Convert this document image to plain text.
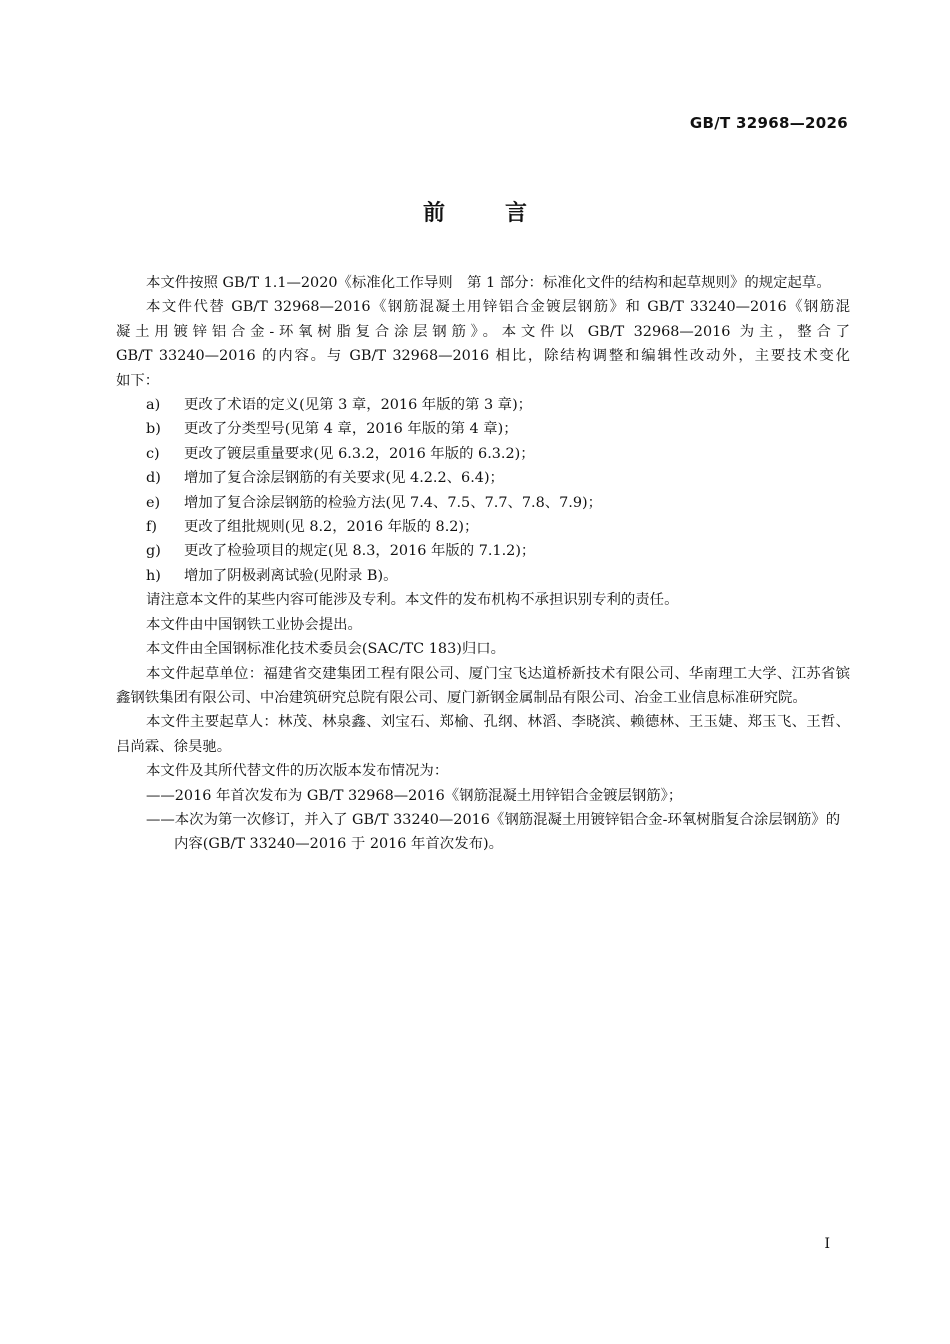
GB/T 32968—2026
前	言

本文件按照 GB/T 1.1—2020《标准化工作导则　第 1 部分：标准化文件的结构和起草规则》的规定起草。

本文件代替 GB/T 32968—2016《钢筋混凝土用锌铝合金镀层钢筋》和 GB/T 33240—2016《钢筋混

凝土用镀锌铝合金-环氧树脂复合涂层钢筋》。本文件以 GB/T 32968—2016 为主，整合了

GB/T 33240—2016 的内容。与 GB/T 32968—2016 相比，除结构调整和编辑性改动外，主要技术变化

如下：

a)	更改了术语的定义(见第 3 章，2016 年版的第 3 章)；
b)	更改了分类型号(见第 4 章，2016 年版的第 4 章)；
c)	更改了镀层重量要求(见 6.3.2，2016 年版的 6.3.2)；
d)	增加了复合涂层钢筋的有关要求(见 4.2.2、6.4)；
e)	增加了复合涂层钢筋的检验方法(见 7.4、7.5、7.7、7.8、7.9)；
f)	更改了组批规则(见 8.2，2016 年版的 8.2)；
g)	更改了检验项目的规定(见 8.3，2016 年版的 7.1.2)；
h)	增加了阴极剥离试验(见附录 B)。

请注意本文件的某些内容可能涉及专利。本文件的发布机构不承担识别专利的责任。

本文件由中国钢铁工业协会提出。

本文件由全国钢标准化技术委员会(SAC/TC 183)归口。

本文件起草单位：福建省交建集团工程有限公司、厦门宝飞达道桥新技术有限公司、华南理工大学、江苏省镔鑫钢铁集团有限公司、中冶建筑研究总院有限公司、厦门新钢金属制品有限公司、冶金工业信息标准研究院。

本文件主要起草人：林茂、林泉鑫、刘宝石、郑榆、孔纲、林滔、李晓滨、赖德林、王玉婕、郑玉飞、王哲、吕尚霖、徐昊驰。

本文件及其所代替文件的历次版本发布情况为：

——2016 年首次发布为 GB/T 32968—2016《钢筋混凝土用锌铝合金镀层钢筋》；

——本次为第一次修订，并入了 GB/T 33240—2016《钢筋混凝土用镀锌铝合金-环氧树脂复合涂层钢筋》的内容(GB/T 33240—2016 于 2016 年首次发布)。

I
